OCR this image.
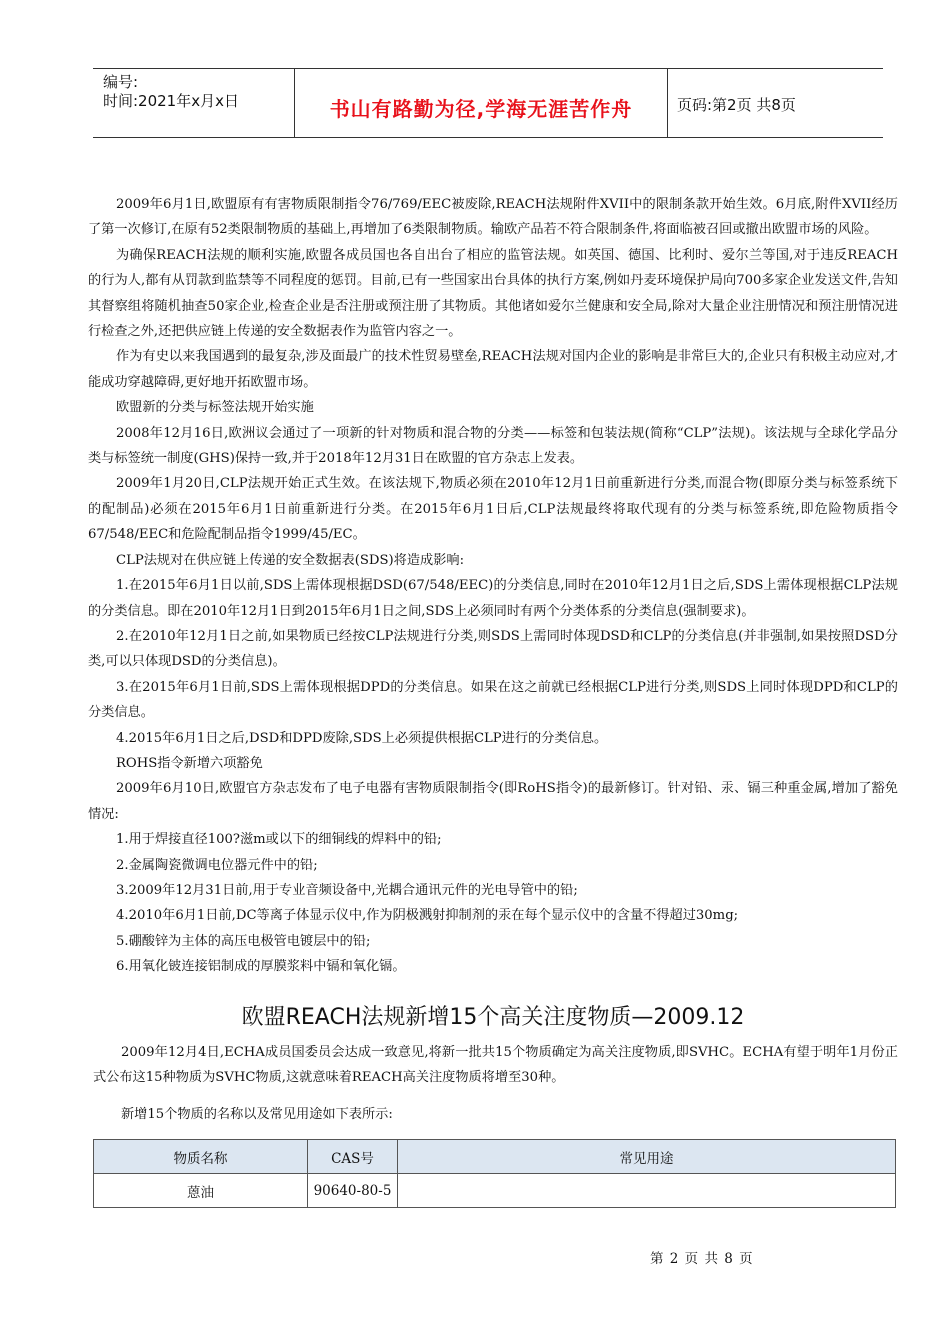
编号:
时间:2021年x月x日	书山有路勤为径,学海无涯苦作舟	页码:第2页 共8页

2009年6月1日,欧盟原有有害物质限制指令76/769/EEC被废除,REACH法规附件XVII中的限制条款开始生效。6月底,附件XVII经历了第一次修订,在原有52类限制物质的基础上,再增加了6类限制物质。输欧产品若不符合限制条件,将面临被召回或撤出欧盟市场的风险。

为确保REACH法规的顺利实施,欧盟各成员国也各自出台了相应的监管法规。如英国、德国、比利时、爱尔兰等国,对于违反REACH的行为人,都有从罚款到监禁等不同程度的惩罚。目前,已有一些国家出台具体的执行方案,例如丹麦环境保护局向700多家企业发送文件,告知其督察组将随机抽查50家企业,检查企业是否注册或预注册了其物质。其他诸如爱尔兰健康和安全局,除对大量企业注册情况和预注册情况进行检查之外,还把供应链上传递的安全数据表作为监管内容之一。

作为有史以来我国遇到的最复杂,涉及面最广的技术性贸易壁垒,REACH法规对国内企业的影响是非常巨大的,企业只有积极主动应对,才能成功穿越障碍,更好地开拓欧盟市场。

欧盟新的分类与标签法规开始实施

2008年12月16日,欧洲议会通过了一项新的针对物质和混合物的分类——标签和包装法规(简称“CLP”法规)。该法规与全球化学品分类与标签统一制度(GHS)保持一致,并于2018年12月31日在欧盟的官方杂志上发表。

2009年1月20日,CLP法规开始正式生效。在该法规下,物质必须在2010年12月1日前重新进行分类,而混合物(即原分类与标签系统下的配制品)必须在2015年6月1日前重新进行分类。在2015年6月1日后,CLP法规最终将取代现有的分类与标签系统,即危险物质指令67/548/EEC和危险配制品指令1999/45/EC。

CLP法规对在供应链上传递的安全数据表(SDS)将造成影响:

1.在2015年6月1日以前,SDS上需体现根据DSD(67/548/EEC)的分类信息,同时在2010年12月1日之后,SDS上需体现根据CLP法规的分类信息。即在2010年12月1日到2015年6月1日之间,SDS上必须同时有两个分类体系的分类信息(强制要求)。

2.在2010年12月1日之前,如果物质已经按CLP法规进行分类,则SDS上需同时体现DSD和CLP的分类信息(并非强制,如果按照DSD分类,可以只体现DSD的分类信息)。

3.在2015年6月1日前,SDS上需体现根据DPD的分类信息。如果在这之前就已经根据CLP进行分类,则SDS上同时体现DPD和CLP的分类信息。

4.2015年6月1日之后,DSD和DPD废除,SDS上必须提供根据CLP进行的分类信息。

ROHS指令新增六项豁免

2009年6月10日,欧盟官方杂志发布了电子电器有害物质限制指令(即RoHS指令)的最新修订。针对铅、汞、镉三种重金属,增加了豁免情况:

1.用于焊接直径100?滋m或以下的细铜线的焊料中的铅;

2.金属陶瓷微调电位器元件中的铅;

3.2009年12月31日前,用于专业音频设备中,光耦合通讯元件的光电导管中的铅;

4.2010年6月1日前,DC等离子体显示仪中,作为阴极溅射抑制剂的汞在每个显示仪中的含量不得超过30mg;

5.硼酸锌为主体的高压电极管电镀层中的铅;

6.用氧化铍连接铝制成的厚膜浆料中镉和氧化镉。

欧盟REACH法规新增15个高关注度物质—2009.12

2009年12月4日,ECHA成员国委员会达成一致意见,将新一批共15个物质确定为高关注度物质,即SVHC。ECHA有望于明年1月份正式公布这15种物质为SVHC物质,这就意味着REACH高关注度物质将增至30种。

新增15个物质的名称以及常见用途如下表所示:
物质名称	CAS号	常见用途
蒽油	90640-80-5	
第 2 页 共 8 页
